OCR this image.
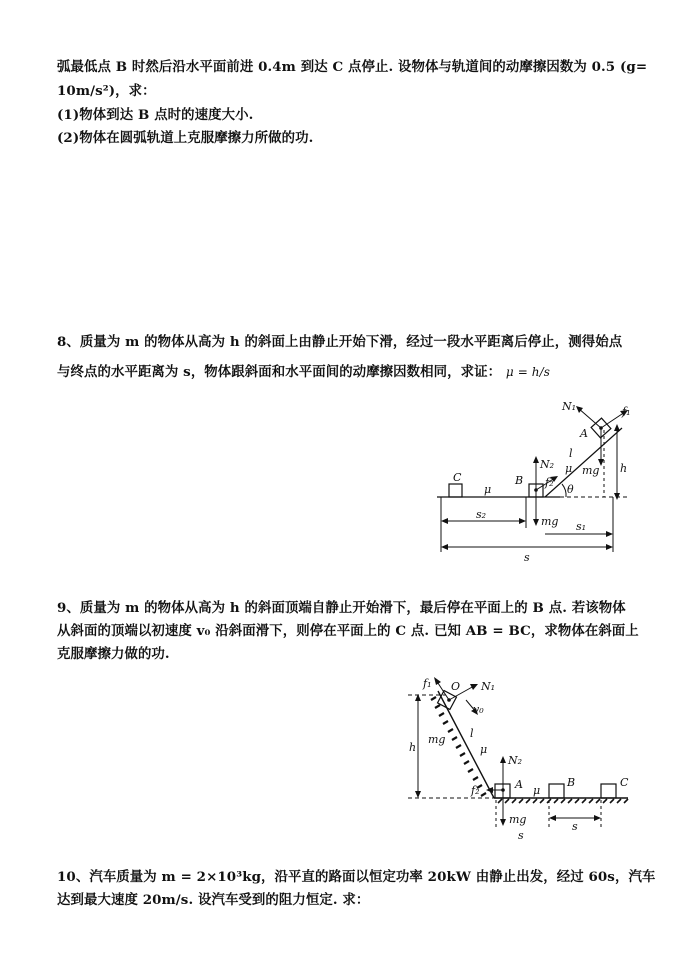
弧最低点 B 时然后沿水平面前进 0.4m 到达 C 点停止. 设物体与轨道间的动摩擦因数为 0.5 (g=
10m/s²)，求：
(1)物体到达 B 点时的速度大小.
(2)物体在圆弧轨道上克服摩擦力所做的功.
8、质量为 m 的物体从高为 h 的斜面上由静止开始下滑，经过一段水平距离后停止，测得始点
与终点的水平距离为 s，物体跟斜面和水平面间的动摩擦因数相同，求证： μ = h/s
N₁	f₁
A
l
μ mg h
C
μ
B
N₂
f₂
θ
s₂
mg s₁
s
9、质量为 m 的物体从高为 h 的斜面顶端自静止开始滑下，最后停在平面上的 B 点. 若该物体
从斜面的顶端以初速度 v₀ 沿斜面滑下，则停在平面上的 C 点. 已知 AB = BC，求物体在斜面上
克服摩擦力做的功.
f₁ O N₁
v₀
h
mg l
μ
N₂
A μ
B	C
f₂
mg
s
s
10、汽车质量为 m = 2×10³kg，沿平直的路面以恒定功率 20kW 由静止出发，经过 60s，汽车
达到最大速度 20m/s. 设汽车受到的阻力恒定. 求：
